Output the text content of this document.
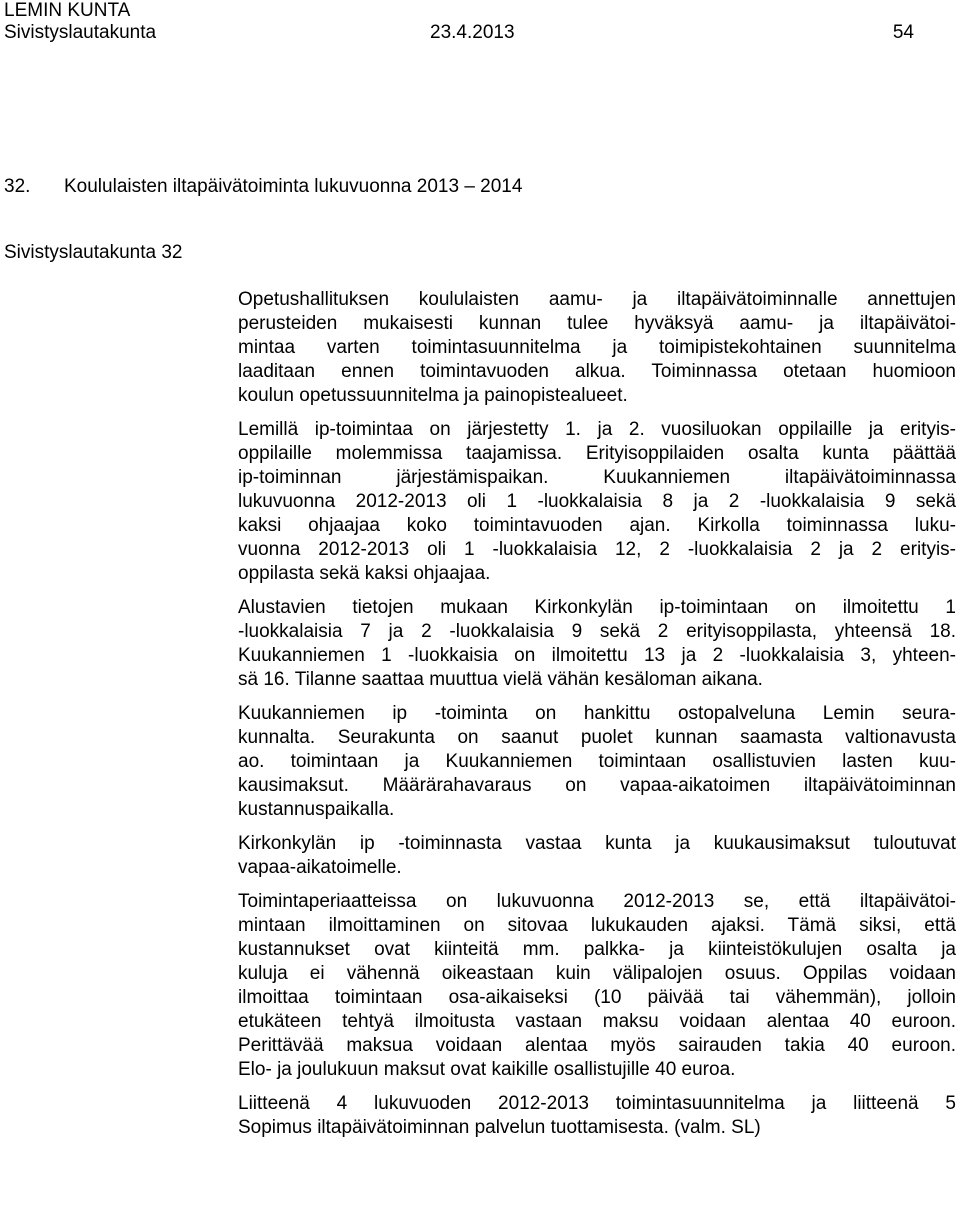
LEMIN KUNTA
Sivistyslautakunta	23.4.2013	54
32. Koululaisten iltapäivätoiminta lukuvuonna 2013 – 2014
Sivistyslautakunta 32

Opetushallituksen koululaisten aamu- ja iltapäivätoiminnalle annettujen
perusteiden mukaisesti kunnan tulee hyväksyä aamu- ja iltapäivätoi-
mintaa varten toimintasuunnitelma ja toimipistekohtainen suunnitelma
laaditaan ennen toimintavuoden alkua. Toiminnassa otetaan huomioon
koulun opetussuunnitelma ja painopistealueet.

Lemillä ip-toimintaa on järjestetty 1. ja 2. vuosiluokan oppilaille ja erityis-
oppilaille molemmissa taajamissa. Erityisoppilaiden osalta kunta päättää
ip-toiminnan järjestämispaikan. Kuukanniemen iltapäivätoiminnassa
lukuvuonna 2012-2013 oli 1 -luokkalaisia 8 ja 2 -luokkalaisia 9 sekä
kaksi ohjaajaa koko toimintavuoden ajan. Kirkolla toiminnassa luku-
vuonna 2012-2013 oli 1 -luokkalaisia 12, 2 -luokkalaisia 2 ja 2 erityis-
oppilasta sekä kaksi ohjaajaa.

Alustavien tietojen mukaan Kirkonkylän ip-toimintaan on ilmoitettu 1
-luokkalaisia 7 ja 2 -luokkalaisia 9 sekä 2 erityisoppilasta, yhteensä 18.
Kuukanniemen 1 -luokkaisia on ilmoitettu 13 ja 2 -luokkalaisia 3, yhteen-
sä 16. Tilanne saattaa muuttua vielä vähän kesäloman aikana.

Kuukanniemen ip -toiminta on hankittu ostopalveluna Lemin seura-
kunnalta. Seurakunta on saanut puolet kunnan saamasta valtionavusta
ao. toimintaan ja Kuukanniemen toimintaan osallistuvien lasten kuu-
kausimaksut. Määrärahavaraus on vapaa-aikatoimen iltapäivätoiminnan
kustannuspaikalla.

Kirkonkylän ip -toiminnasta vastaa kunta ja kuukausimaksut tuloutuvat
vapaa-aikatoimelle.

Toimintaperiaatteissa on lukuvuonna 2012-2013 se, että iltapäivätoi-
mintaan ilmoittaminen on sitovaa lukukauden ajaksi. Tämä siksi, että
kustannukset ovat kiinteitä mm. palkka- ja kiinteistökulujen osalta ja
kuluja ei vähennä oikeastaan kuin välipalojen osuus. Oppilas voidaan
ilmoittaa toimintaan osa-aikaiseksi (10 päivää tai vähemmän), jolloin
etukäteen tehtyä ilmoitusta vastaan maksu voidaan alentaa 40 euroon.
Perittävää maksua voidaan alentaa myös sairauden takia 40 euroon.
Elo- ja joulukuun maksut ovat kaikille osallistujille 40 euroa.

Liitteenä 4 lukuvuoden 2012-2013 toimintasuunnitelma ja liitteenä 5
Sopimus iltapäivätoiminnan palvelun tuottamisesta. (valm. SL)
